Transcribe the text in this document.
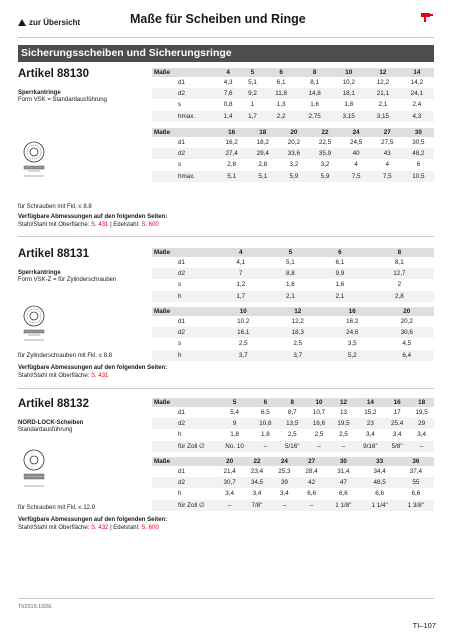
zur Übersicht	Maße für Scheiben und Ringe
Sicherungsscheiben und Sicherungsringe
Artikel 88130
Sperrkantringe
Form VSK = Standardausführung
für Schrauben mit Fkl. ≤ 8.8
Verfügbare Abmessungen auf den folgenden Seiten:
Stahl/Stahl mit Oberfläche: S. 431 | Edelstahl: S. 600
Maße	4	5	6	8	10	12	14
d1	4,3	5,1	6,1	8,1	10,2	12,2	14,2
d2	7,6	9,2	11,8	14,8	18,1	21,1	24,1
s	0,8	1	1,3	1,6	1,8	2,1	2,4
hmax.	1,4	1,7	2,2	2,75	3,15	3,15	4,3
Maße	16	18	20	22	24	27	30
d1	16,2	18,2	20,2	22,5	24,5	27,5	30,5
d2	27,4	29,4	33,6	35,9	40	43	48,2
s	2,8	2,8	3,2	3,2	4	4	6
hmax.	5,1	5,1	5,9	5,9	7,5	7,5	10,5
Artikel 88131
Sperrkantringe
Form VSK-Z = für Zylinderschrauben
für Zylinderschrauben mit Fkl. ≤ 8.8
Verfügbare Abmessungen auf den folgenden Seiten:
Stahl/Stahl mit Oberfläche: S. 431
Maße	4	5	6	8
d1	4,1	5,1	6,1	8,1
d2	7	8,8	9,9	12,7
s	1,2	1,6	1,6	2
h	1,7	2,1	2,1	2,8
Maße	10	12	16	20
d1	10,2	12,2	16,2	20,2
d2	16,1	18,3	24,6	30,6
s	2,5	2,5	3,5	4,5
h	3,7	3,7	5,2	6,4
Artikel 88132
NORD-LOCK-Scheiben
Standardausführung
für Schrauben mit Fkl. ≤ 12.9
Verfügbare Abmessungen auf den folgenden Seiten:
Stahl/Stahl mit Oberfläche: S. 432 | Edelstahl: S. 600
Maße	5	6	8	10	12	14	16	18
d1	5,4	6,5	8,7	10,7	13	15,2	17	19,5
d2	9	10,8	13,5	16,6	19,5	23	25,4	29
h	1,8	1,8	2,5	2,5	2,5	3,4	3,4	3,4
für Zoll ∅	No. 10	–	5/16"	–	–	9/16"	5/8"	–
Maße	20	22	24	27	30	33	36
d1	21,4	23,4	25,3	28,4	31,4	34,4	37,4
d2	30,7	34,5	39	42	47	48,5	55
h	3,4	3,4	3,4	6,6	6,6	6,6	6,6
für Zoll ∅	–	7/8"	–	–	1 1/8"	1 1/4"	1 3/8"
TI/2019.10DE
TI–107
